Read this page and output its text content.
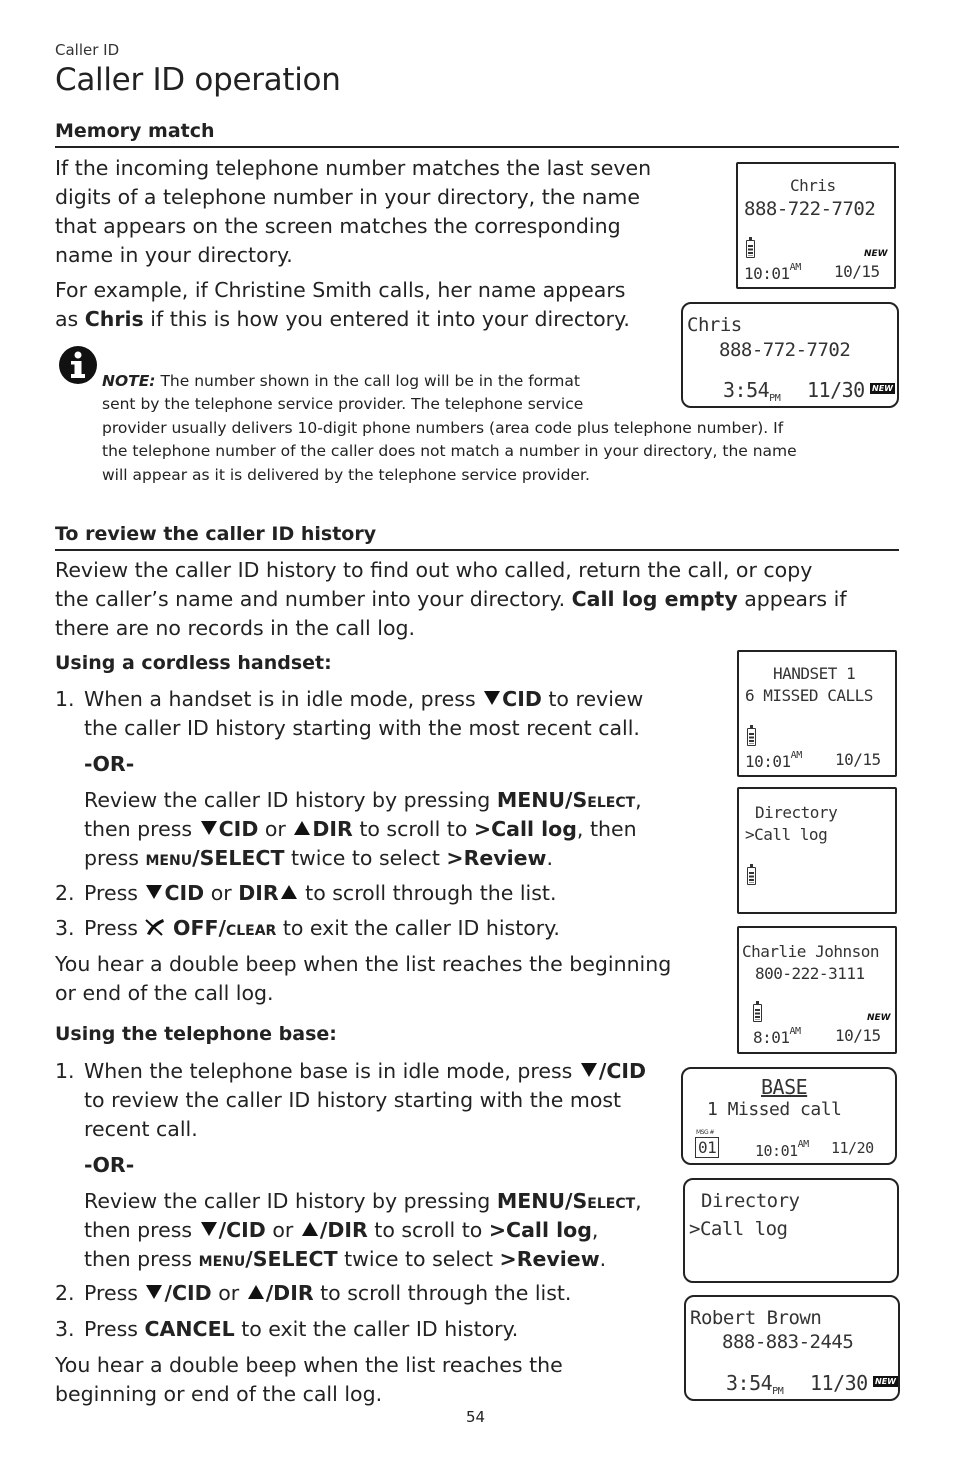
Caller ID
Caller ID operation
Memory match
If the incoming telephone number matches the last seven
digits of a telephone number in your directory, the name
that appears on the screen matches the corresponding
name in your directory.
For example, if Christine Smith calls, her name appears
as Chris if this is how you entered it into your directory.
NOTE: The number shown in the call log will be in the format
sent by the telephone service provider. The telephone service
provider usually delivers 10-digit phone numbers (area code plus telephone number). If
the telephone number of the caller does not match a number in your directory, the name
will appear as it is delivered by the telephone service provider.
Chris
888-722-7702
NEW
$10:01^{AM}$ 10/15
Chris
888-772-7702
$3:54_{PM}$ 11/30 NEW
To review the caller ID history
Review the caller ID history to find out who called, return the call, or copy
the caller’s name and number into your directory. Call log empty appears if
there are no records in the call log.
Using a cordless handset:
1. When a handset is in idle mode, press CID to review
the caller ID history starting with the most recent call.
-OR-
Review the caller ID history by pressing MENU/Select,
then press CID or DIR to scroll to >Call log, then
press menu/SELECT twice to select >Review.
2. Press CID or DIR to scroll through the list.
3. Press  OFF/clear to exit the caller ID history.
You hear a double beep when the list reaches the beginning
or end of the call log.
Using the telephone base:
1. When the telephone base is in idle mode, press /CID
to review the caller ID history starting with the most
recent call.
-OR-
Review the caller ID history by pressing MENU/Select,
then press /CID or /DIR to scroll to >Call log,
then press menu/SELECT twice to select >Review.
2. Press /CID or /DIR to scroll through the list.
3. Press CANCEL to exit the caller ID history.
You hear a double beep when the list reaches the
beginning or end of the call log.
HANDSET 1
6 MISSED CALLS
$10:01^{AM}$ 10/15
Directory
>Call log
Charlie Johnson
800-222-3111
NEW
$8:01^{AM}$ 10/15
BASE
1 Missed call
MSG #
01	$10:01^{AM}$ 11/20
Directory
>Call log
Robert Brown
888-883-2445
$3:54_{PM}$ 11/30 NEW
54
